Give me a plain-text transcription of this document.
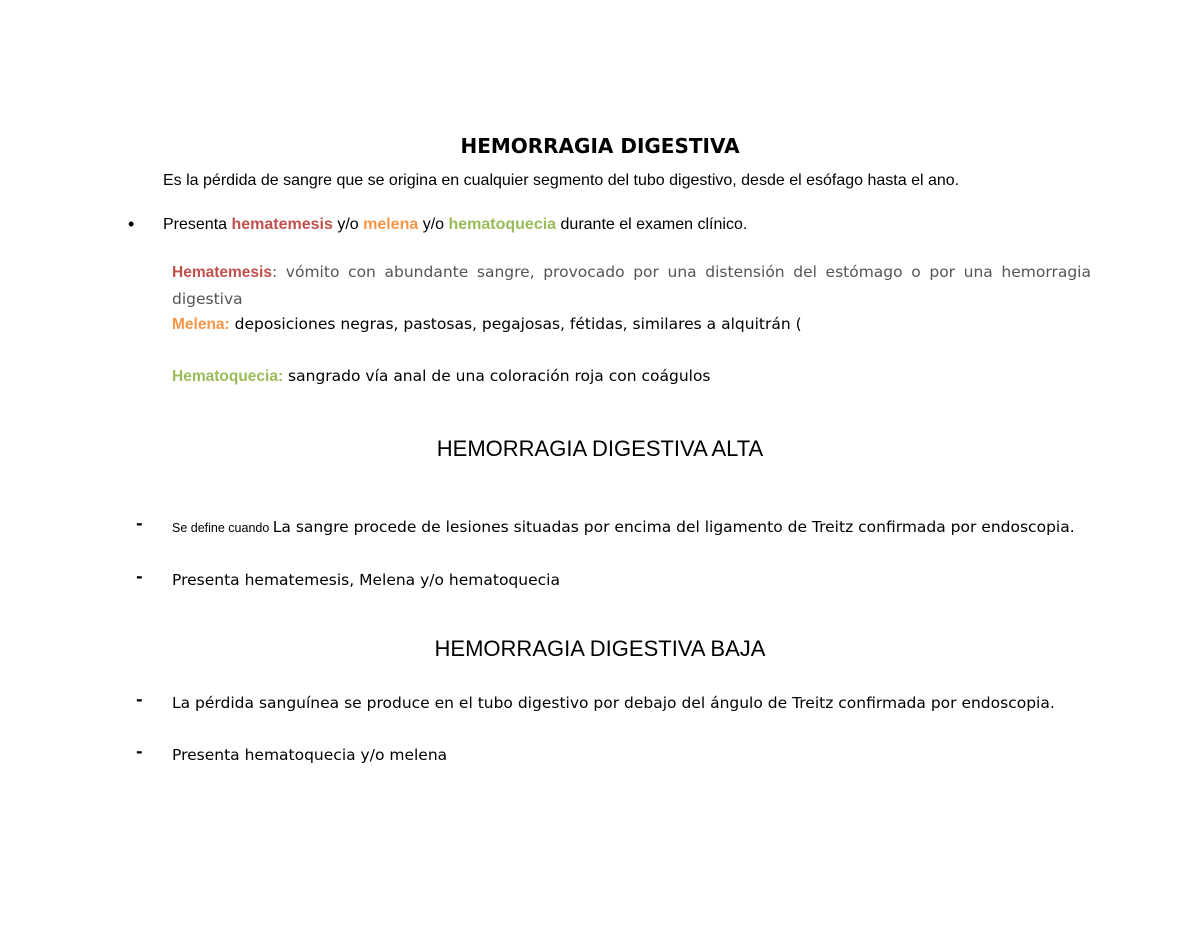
HEMORRAGIA DIGESTIVA
Es la pérdida de sangre que se origina en cualquier segmento del tubo digestivo, desde el esófago hasta el ano.
•	Presenta hematemesis y/o melena y/o hematoquecia durante el examen clínico.
Hematemesis: vómito con abundante sangre, provocado por una distensión del estómago o por una hemorragia digestiva
Melena: deposiciones negras, pastosas, pegajosas, fétidas, similares a alquitrán (
Hematoquecia: sangrado vía anal de una coloración roja con coágulos
HEMORRAGIA DIGESTIVA ALTA
-	Se define cuando La sangre procede de lesiones situadas por encima del ligamento de Treitz confirmada por endoscopia.
-	Presenta hematemesis, Melena y/o hematoquecia
HEMORRAGIA DIGESTIVA BAJA
-	La pérdida sanguínea se produce en el tubo digestivo por debajo del ángulo de Treitz confirmada por endoscopia.
-	Presenta hematoquecia y/o melena
